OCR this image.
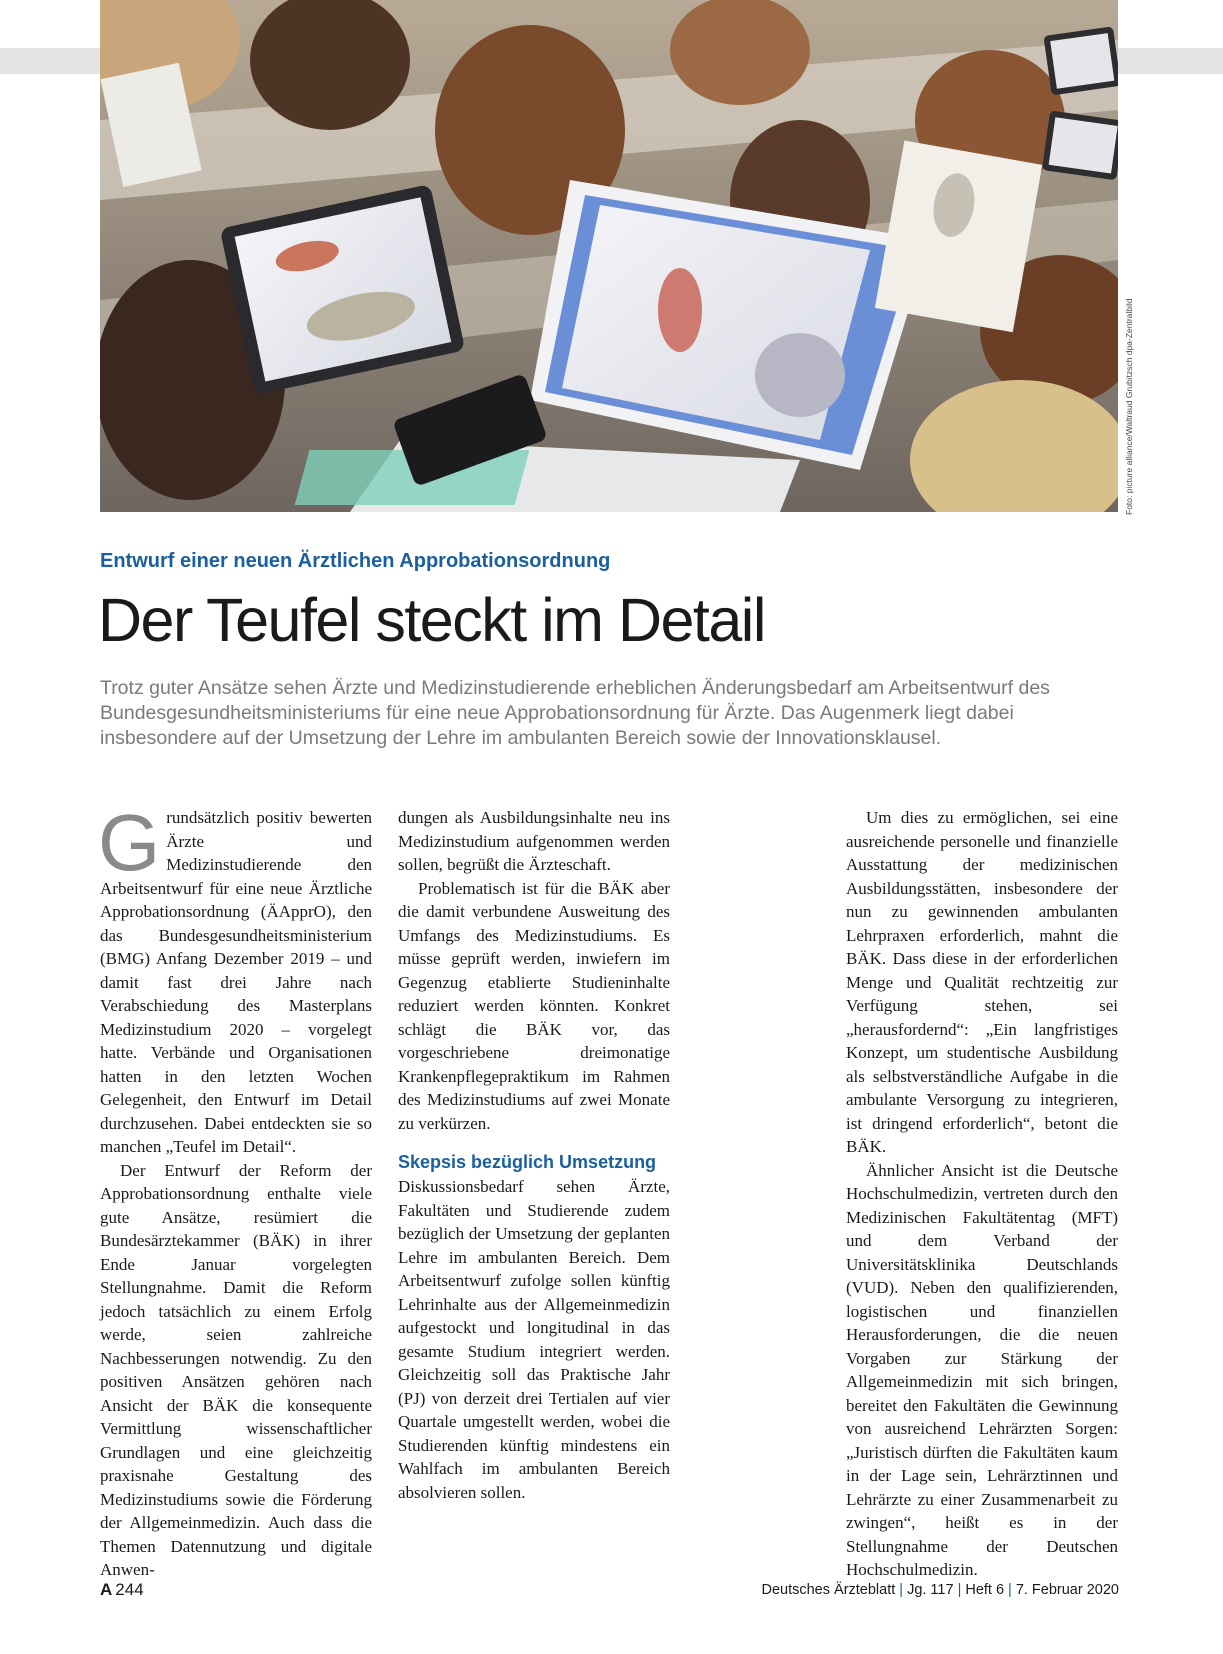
Foto: picture alliance/Waltraud Grubitzsch dpa-Zentralbild
Entwurf einer neuen Ärztlichen Approbationsordnung
Der Teufel steckt im Detail
Trotz guter Ansätze sehen Ärzte und Medizinstudierende erheblichen Änderungsbedarf am Arbeitsentwurf des Bundesgesundheitsministeriums für eine neue Approbationsordnung für Ärzte. Das Augenmerk liegt dabei insbesondere auf der Umsetzung der Lehre im ambulanten Bereich sowie der Innovationsklausel.

Grundsätzlich positiv bewerten Ärzte und Medizinstudierende den Arbeitsentwurf für eine neue Ärztliche Approbationsordnung (ÄApprO), den das Bundesgesundheitsministerium (BMG) Anfang Dezember 2019 – und damit fast drei Jahre nach Verabschiedung des Masterplans Medizinstudium 2020 – vorgelegt hatte. Verbände und Organisationen hatten in den letzten Wochen Gelegenheit, den Entwurf im Detail durchzusehen. Dabei entdeckten sie so manchen „Teufel im Detail“.

Der Entwurf der Reform der Approbationsordnung enthalte viele gute Ansätze, resümiert die Bundesärztekammer (BÄK) in ihrer Ende Januar vorgelegten Stellungnahme. Damit die Reform jedoch tatsächlich zu einem Erfolg werde, seien zahlreiche Nachbesserungen notwendig. Zu den positiven Ansätzen gehören nach Ansicht der BÄK die konsequente Vermittlung wissenschaftlicher Grundlagen und eine gleichzeitig praxisnahe Gestaltung des Medizinstudiums sowie die Förderung der Allgemeinmedizin. Auch dass die Themen Datennutzung und digitale Anwen-

dungen als Ausbildungsinhalte neu ins Medizinstudium aufgenommen werden sollen, begrüßt die Ärzteschaft.

Problematisch ist für die BÄK aber die damit verbundene Ausweitung des Umfangs des Medizinstudiums. Es müsse geprüft werden, inwiefern im Gegenzug etablierte Studieninhalte reduziert werden könnten. Konkret schlägt die BÄK vor, das vorgeschriebene dreimonatige Krankenpflegepraktikum im Rahmen des Medizinstudiums auf zwei Monate zu verkürzen.

Skepsis bezüglich Umsetzung

Diskussionsbedarf sehen Ärzte, Fakultäten und Studierende zudem bezüglich der Umsetzung der geplanten Lehre im ambulanten Bereich. Dem Arbeitsentwurf zufolge sollen künftig Lehrinhalte aus der Allgemeinmedizin aufgestockt und longitudinal in das gesamte Studium integriert werden. Gleichzeitig soll das Praktische Jahr (PJ) von derzeit drei Tertialen auf vier Quartale umgestellt werden, wobei die Studierenden künftig mindestens ein Wahlfach im ambulanten Bereich absolvieren sollen.

Um dies zu ermöglichen, sei eine ausreichende personelle und finanzielle Ausstattung der medizinischen Ausbildungsstätten, insbesondere der nun zu gewinnenden ambulanten Lehrpraxen erforderlich, mahnt die BÄK. Dass diese in der erforderlichen Menge und Qualität rechtzeitig zur Verfügung stehen, sei „herausfordernd“: „Ein langfristiges Konzept, um studentische Ausbildung als selbstverständliche Aufgabe in die ambulante Versorgung zu integrieren, ist dringend erforderlich“, betont die BÄK.

Ähnlicher Ansicht ist die Deutsche Hochschulmedizin, vertreten durch den Medizinischen Fakultätentag (MFT) und dem Verband der Universitätsklinika Deutschlands (VUD). Neben den qualifizierenden, logistischen und finanziellen Herausforderungen, die die neuen Vorgaben zur Stärkung der Allgemeinmedizin mit sich bringen, bereitet den Fakultäten die Gewinnung von ausreichend Lehrärzten Sorgen: „Juristisch dürften die Fakultäten kaum in der Lage sein, Lehrärztinnen und Lehrärzte zu einer Zusammenarbeit zu zwingen“, heißt es in der Stellungnahme der Deutschen Hochschulmedizin.

A 244	Deutsches Ärzteblatt | Jg. 117 | Heft 6 | 7. Februar 2020
